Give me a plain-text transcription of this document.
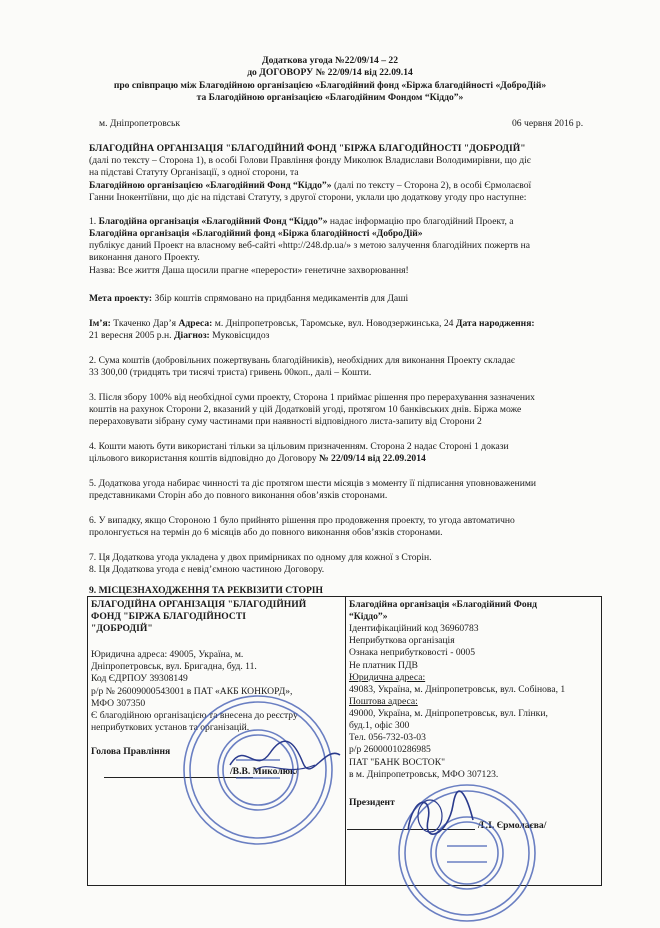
Додаткова угода №22/09/14 – 22
до ДОГОВОРУ № 22/09/14 від 22.09.14
про співпрацю між Благодійною організацією «Благодійний фонд «Біржа благодійності «ДоброДій»
та Благодійною організацією «Благодійним Фондом “Кiддо”»
м. Дніпропетровськ	06 червня 2016 р.
БЛАГОДІЙНА ОРГАНІЗАЦІЯ "БЛАГОДІЙНИЙ ФОНД "БІРЖА БЛАГОДІЙНОСТІ "ДОБРОДІЙ"
(далі по тексту – Сторона 1), в особі Голови Правління фонду Миколюк Владислави Володимирівни, що діє
на підставі Статуту Організації, з одної сторони, та
Благодійною організацією «Благодійний Фонд “Кiддо”» (далі по тексту – Сторона 2), в особі Єрмолаєвої
Ганни Інокентіївни, що діє на підставі Статуту, з другої сторони, уклали цю додаткову угоду про наступне:
1. Благодійна організація «Благодійний Фонд “Кiддо”» надає інформацію про благодійний Проект, а
Благодійна організація «Благодійний фонд «Біржа благодійності «ДоброДій»
публікує даний Проект на власному веб-сайті «http://248.dp.ua/» з метою залучення благодійних пожертв на
виконання даного Проекту.
Назва: Все життя Даша щосили прагне «перерости» генетичне захворювання!
Мета проекту: Збір коштів спрямовано на придбання медикаментів для Даші
Ім’я: Ткаченко Дар’я Адреса: м. Дніпропетровськ, Таромське, вул. Новодзержинська, 24 Дата народження:
21 вересня 2005 р.н. Діагноз: Муковісцидоз
2. Сума коштів (добровільних пожертвувань благодійників), необхідних для виконання Проекту складає
33 300,00 (тридцять три тисячі триста) гривень 00коп., далі – Кошти.
3. Після збору 100% від необхідної суми проекту, Сторона 1 приймає рішення про перерахування зазначених
коштів на рахунок Сторони 2, вказаний у цій Додатковій угоді, протягом 10 банківських днів. Біржа може
перераховувати зібрану суму частинами при наявності відповідного листа-запиту від Сторони 2
4. Кошти мають бути використані тільки за цільовим призначенням. Сторона 2 надає Стороні 1 докази
цільового використання коштів відповідно до Договору № 22/09/14 від 22.09.2014
5. Додаткова угода набирає чинності та діє протягом шести місяців з моменту її підписання уповноваженими
представниками Сторін або до повного виконання обов’язків сторонами.
6. У випадку, якщо Стороною 1 було прийнято рішення про продовження проекту, то угода автоматично
пролонгується на термін до 6 місяців або до повного виконання обов’язків сторонами.
7. Ця Додаткова угода укладена у двох примірниках по одному для кожної з Сторін.
8. Ця Додаткова угода є невід’ємною частиною Договору.
9. МІСЦЕЗНАХОДЖЕННЯ ТА РЕКВІЗИТИ СТОРІН
БЛАГОДІЙНА ОРГАНІЗАЦІЯ "БЛАГОДІЙНИЙ
ФОНД "БІРЖА БЛАГОДІЙНОСТІ
"ДОБРОДІЙ"
Юридична адреса: 49005, Україна, м.
Дніпропетровськ, вул. Бригадна, буд. 11.
Код ЄДРПОУ 39308149
р/р № 26009000543001 в ПАТ «АКБ КОНКОРД»,
МФО 307350
Є благодійною організацією та внесена до реєстру
неприбуткових установ та організацій.
Голова Правління
/В.В. Миколюк/
Благодійна організація «Благодійний Фонд
“Кiддо”»
Ідентифікаційний код 36960783
Неприбуткова організація
Ознака неприбутковості - 0005
Не платник ПДВ
Юридична адреса:
49083, Україна, м. Дніпропетровськ, вул. Собінова, 1
Поштова адреса:
49000, Україна, м. Дніпропетровськ, вул. Глінки,
буд.1, офіс 300
Тел. 056-732-03-03
р/р 26000010286985
ПАТ "БАНК ВОСТОК"
в м. Дніпропетровськ, МФО 307123.
Президент
/Г.І. Єрмолаєва/
